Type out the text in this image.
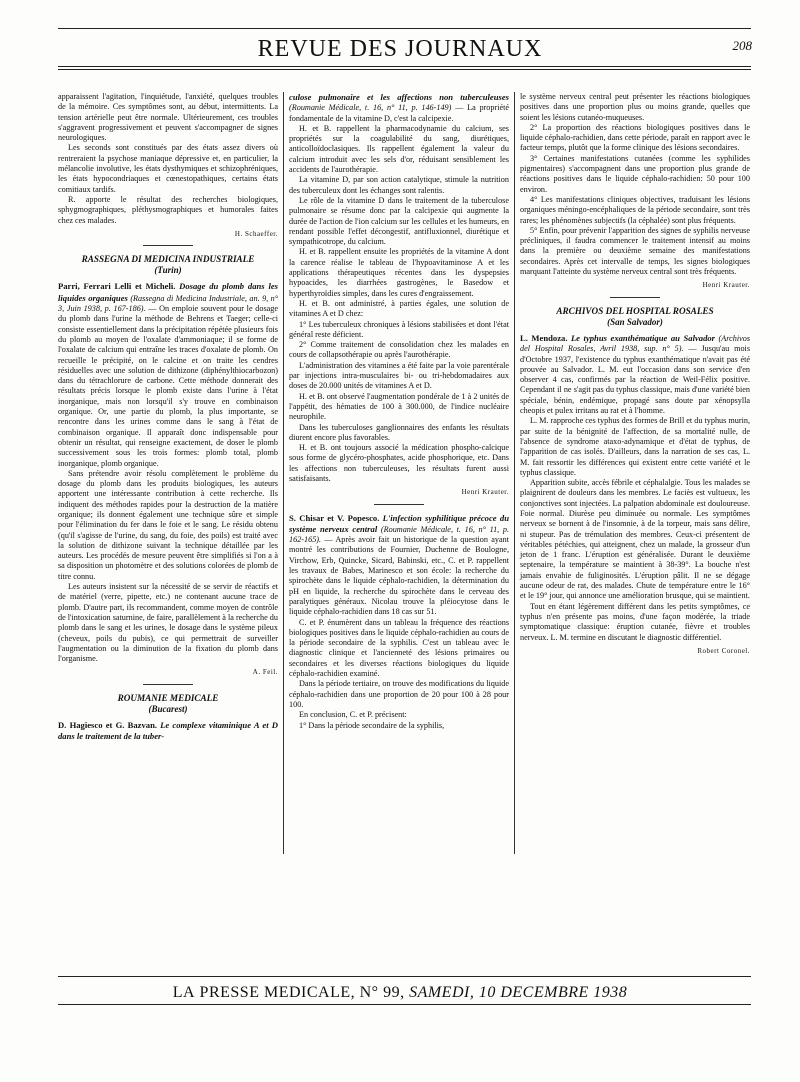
REVUE DES JOURNAUX	208

apparaissent l'agitation, l'inquiétude, l'anxiété, quelques troubles de la mémoire. Ces symptômes sont, au début, intermittents. La tension artérielle peut être normale. Ultérieurement, ces troubles s'aggravent progressivement et peuvent s'accompagner de signes neurologiques.

Les seconds sont constitués par des états assez divers où rentreraient la psychose maniaque dépressive et, en particulier, la mélancolie involutive, les états dysthymiques et schizophréniques, les états hypocondriaques et cœnestopathiques, certains états comitiaux tardifs.

R. apporte le résultat des recherches biologiques, sphygmographiques, pléthysmographiques et humorales faites chez ces malades.

H. Schaeffer.
RASSEGNA DI MEDICINA INDUSTRIALE
(Turin)

Parri, Ferrari Lelli et Micheli. Dosage du plomb dans les liquides organiques (Rassegna di Medicina Industriale, an. 9, n° 3, Juin 1938, p. 167-186). — On emploie souvent pour le dosage du plomb dans l'urine la méthode de Behrens et Taeger; celle-ci consiste essentiellement dans la précipitation répétée plusieurs fois du plomb au moyen de l'oxalate d'ammoniaque; il se forme de l'oxalate de calcium qui entraîne les traces d'oxalate de plomb. On recueille le précipité, on le calcine et on traite les cendres résiduelles avec une solution de dithizone (diphénylthiocarbozon) dans du tétrachlorure de carbone. Cette méthode donnerait des résultats précis lorsque le plomb existe dans l'urine à l'état inorganique, mais non lorsqu'il s'y trouve en combinaison organique. Or, une partie du plomb, la plus importante, se rencontre dans les urines comme dans le sang à l'état de combinaison organique. Il apparaît donc indispensable pour obtenir un résultat, qui renseigne exactement, de doser le plomb successivement sous les trois formes: plomb total, plomb inorganique, plomb organique.

Sans prétendre avoir résolu complètement le problème du dosage du plomb dans les produits biologiques, les auteurs apportent une intéressante contribution à cette recherche. Ils indiquent des méthodes rapides pour la destruction de la matière organique; ils donnent également une technique sûre et simple pour l'élimination du fer dans le foie et le sang. Le résidu obtenu (qu'il s'agisse de l'urine, du sang, du foie, des poils) est traité avec la solution de dithizone suivant la technique détaillée par les auteurs. Les procédés de mesure peuvent être simplifiés si l'on a à sa disposition un photomètre et des solutions colorées de plomb de titre connu.

Les auteurs insistent sur la nécessité de se servir de réactifs et de matériel (verre, pipette, etc.) ne contenant aucune trace de plomb. D'autre part, ils recommandent, comme moyen de contrôle de l'intoxication saturnine, de faire, parallèlement à la recherche du plomb dans le sang et les urines, le dosage dans le système pileux (cheveux, poils du pubis), ce qui permettrait de surveiller l'augmentation ou la diminution de la fixation du plomb dans l'organisme.

A. Feil.
ROUMANIE MEDICALE
(Bucarest)

D. Hagiesco et G. Bazvan. Le complexe vitaminique A et D dans le traitement de la tuber-

culose pulmonaire et les affections non tuberculeuses (Roumanie Médicale, t. 16, n° 11, p. 146-149) — La propriété fondamentale de la vitamine D, c'est la calcipexie.

H. et B. rappellent la pharmacodynamie du calcium, ses propriétés sur la coagulabilité du sang, diurétiques, anticolloïdoclasiques. Ils rappellent également la valeur du calcium introduit avec les sels d'or, réduisant sensiblement les accidents de l'aurothérapie.

La vitamine D, par son action catalytique, stimule la nutrition des tuberculeux dont les échanges sont ralentis.

Le rôle de la vitamine D dans le traitement de la tuberculose pulmonaire se résume donc par la calcipexie qui augmente la durée de l'action de l'ion calcium sur les cellules et les humeurs, en rendant possible l'effet décongestif, antifluxionnel, diurétique et sympathicotrope, du calcium.

H. et B. rappellent ensuite les propriétés de la vitamine A dont la carence réalise le tableau de l'hypoavitaminose A et les applications thérapeutiques récentes dans les dyspepsies hypoacides, les diarrhées gastrogènes, le Basedow et hyperthyroïdies simples, dans les cures d'engraissement.

H. et B. ont administré, à parties égales, une solution de vitamines A et D chez:

1° Les tuberculeux chroniques à lésions stabilisées et dont l'état général reste déficient.

2° Comme traitement de consolidation chez les malades en cours de collapsothérapie ou après l'aurothérapie.

L'administration des vitamines a été faite par la voie parentérale par injections intra-musculaires bi- ou tri-hebdomadaires aux doses de 20.000 unités de vitamines A et D.

H. et B. ont observé l'augmentation pondérale de 1 à 2 unités de l'appétit, des hématies de 100 à 300.000, de l'indice nucléaire neurophile.

Dans les tuberculoses ganglionnaires des enfants les résultats diurent encore plus favorables.

H. et B. ont toujours associé la médication phospho-calcique sous forme de glycéro-phosphates, acide phosphorique, etc. Dans les affections non tuberculeuses, les résultats furent aussi satisfaisants.

Henri Krauter.

S. Chisar et V. Popesco. L'infection syphilitique précoce du système nerveux central (Roumanie Médicale, t. 16, n° 11, p. 162-165). — Après avoir fait un historique de la question ayant montré les contributions de Fournier, Duchenne de Boulogne, Virchow, Erb, Quincke, Sicard, Babinski, etc., C. et P. rappellent les travaux de Babes, Marinesco et son école: la recherche du spirochète dans le liquide céphalo-rachidien, la détermination du pH en liquide, la recherche du spirochète dans le cerveau des paralytiques généraux. Nicolau trouve la pléiocytose dans le liquide céphalo-rachidien dans 18 cas sur 51.

C. et P. énumèrent dans un tableau la fréquence des réactions biologiques positives dans le liquide céphalo-rachidien au cours de la période secondaire de la syphilis. C'est un tableau avec le diagnostic clinique et l'ancienneté des lésions primaires ou secondaires et les diverses réactions biologiques du liquide céphalo-rachidien examiné.

Dans la période tertiaire, on trouve des modifications du liquide céphalo-rachidien dans une proportion de 20 pour 100 à 28 pour 100.

En conclusion, C. et P. précisent:

1° Dans la période secondaire de la syphilis,

le système nerveux central peut présenter les réactions biologiques positives dans une proportion plus ou moins grande, quelles que soient les lésions cutanéo-muqueuses.

2° La proportion des réactions biologiques positives dans le liquide céphalo-rachidien, dans cette période, paraît en rapport avec le facteur temps, plutôt que la forme clinique des lésions secondaires.

3° Certaines manifestations cutanées (comme les syphilides pigmentaires) s'accompagnent dans une proportion plus grande de réactions positives dans le liquide céphalo-rachidien: 50 pour 100 environ.

4° Les manifestations cliniques objectives, traduisant les lésions organiques méningo-encéphaliques de la période secondaire, sont très rares; les phénomènes subjectifs (la céphalée) sont plus fréquents.

5° Enfin, pour prévenir l'apparition des signes de syphilis nerveuse précliniques, il faudra commencer le traitement intensif au moins dans la première ou deuxième semaine des manifestations secondaires. Après cet intervalle de temps, les signes biologiques marquant l'atteinte du système nerveux central sont très fréquents.

Henri Krauter.
ARCHIVOS DEL HOSPITAL ROSALES
(San Salvador)

L. Mendoza. Le typhus exanthématique au Salvador (Archivos del Hospital Rosales, Avril 1938, sup. n° 5). — Jusqu'au mois d'Octobre 1937, l'existence du typhus exanthématique n'avait pas été prouvée au Salvador. L. M. eut l'occasion dans son service d'en observer 4 cas, confirmés par la réaction de Weil-Félix positive. Cependant il ne s'agit pas du typhus classique, mais d'une variété bien spéciale, bénin, endémique, propagé sans doute par xénopsylla cheopis et pulex irritans au rat et à l'homme.

L. M. rapproche ces typhus des formes de Brill et du typhus murin, par suite de la bénignité de l'affection, de sa mortalité nulle, de l'absence de syndrome ataxo-adynamique et d'état de typhus, de l'apparition de cas isolés. D'ailleurs, dans la narration de ses cas, L. M. fait ressortir les différences qui existent entre cette variété et le typhus classique.

Apparition subite, accès fébrile et céphalalgie. Tous les malades se plaignirent de douleurs dans les membres. Le faciès est vultueux, les conjonctives sont injectées. La palpation abdominale est douloureuse. Foie normal. Diurèse peu diminuée ou normale. Les symptômes nerveux se bornent à de l'insomnie, à de la torpeur, mais sans délire, ni stupeur. Pas de trémulation des membres. Ceux-ci présentent de véritables pétéchies, qui atteignent, chez un malade, la grosseur d'un jeton de 1 franc. L'éruption est généralisée. Durant le deuxième septenaire, la température se maintient à 38-39°. La bouche n'est jamais envahie de fuliginosités. L'éruption pâlit. Il ne se dégage aucune odeur de rat, des malades. Chute de température entre le 16° et le 19° jour, qui annonce une amélioration brusque, qui se maintient.

Tout en étant légèrement différent dans les petits symptômes, ce typhus n'en présente pas moins, d'une façon modérée, la triade symptomatique classique: éruption cutanée, fièvre et troubles nerveux. L. M. termine en discutant le diagnostic différentiel.

Robert Coronel.
LA PRESSE MEDICALE, N° 99, SAMEDI, 10 DECEMBRE 1938
